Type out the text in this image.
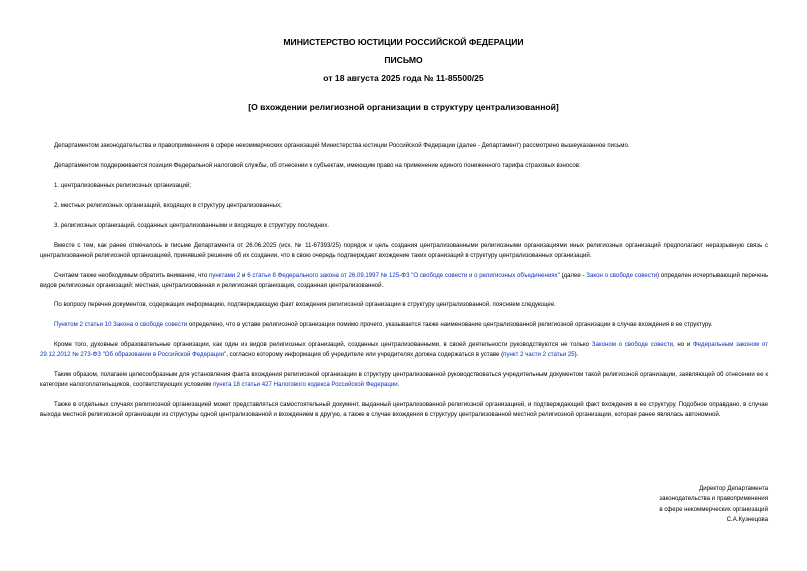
МИНИСТЕРСТВО ЮСТИЦИИ РОССИЙСКОЙ ФЕДЕРАЦИИ
ПИСЬМО
от 18 августа 2025 года № 11-85500/25
[О вхождении религиозной организации в структуру централизованной]

Департаментом законодательства и правоприменения в сфере некоммерческих организаций Министерства юстиции Российской Федерации (далее - Департамент) рассмотрено вышеуказанное письмо.

Департаментом поддерживается позиция Федеральной налоговой службы, об отнесении к субъектам, имеющим право на применение единого пониженного тарифа страховых взносов:

1. централизованных религиозных организаций;

2. местных религиозных организаций, входящих в структуру централизованных;

3. религиозных организаций, созданных централизованными и входящих в структуру последних.

Вместе с тем, как ранее отмечалось в письме Департамента от 26.06.2025 (исх. № 11-67393/25) порядок и цель создания централизованными религиозными организациями иных религиозных организаций предполагают неразрывную связь с централизованной религиозной организацией, принявшей решение об их создании, что в свою очередь подтверждает вхождение таких организаций в структуру централизованных организаций.

Считаем также необходимым обратить внимание, что пунктами 2 и 6 статьи 8 Федерального закона от 26.09.1997 № 125-ФЗ "О свободе совести и о религиозных объединениях" (далее - Закон о свободе совести) определен исчерпывающий перечень видов религиозных организаций: местная, централизованная и религиозная организация, созданная централизованной.

По вопросу перечня документов, содержащих информацию, подтверждающую факт вхождения религиозной организации в структуру централизованной, поясняем следующее.

Пунктом 2 статьи 10 Закона о свободе совести определено, что в уставе религиозной организации помимо прочего, указывается также наименование централизованной религиозной организации в случае вхождения в ее структуру.

Кроме того, духовные образовательные организации, как один из видов религиозных организаций, созданных централизованными, в своей деятельности руководствуются не только Законом о свободе совести, но и Федеральным законом от 29.12.2012 № 273-ФЗ "Об образовании в Российской Федерации", согласно которому информация об учредителе или учредителях должна содержаться в уставе (пункт 2 части 2 статьи 25).

Таким образом, полагаем целесообразным для установления факта вхождения религиозной организации в структуру централизованной руководствоваться учредительным документом такой религиозной организации, заявляющей об отнесении ее к категории налогоплательщиков, соответствующих условиям пункта 18 статьи 427 Налогового кодекса Российской Федерации.

Также в отдельных случаях религиозной организацией может представляться самостоятельный документ, выданный централизованной религиозной организацией, и подтверждающий факт вхождения в ее структуру. Подобное оправдано, в случае выхода местной религиозной организации из структуры одной централизованной и вхождением в другую, а также в случае вхождения в структуру централизованной местной религиозной организации, которая ранее являлась автономной.

Директор Департамента
законодательства и правоприменения
в сфере некоммерческих организаций
С.А.Кузнецова
